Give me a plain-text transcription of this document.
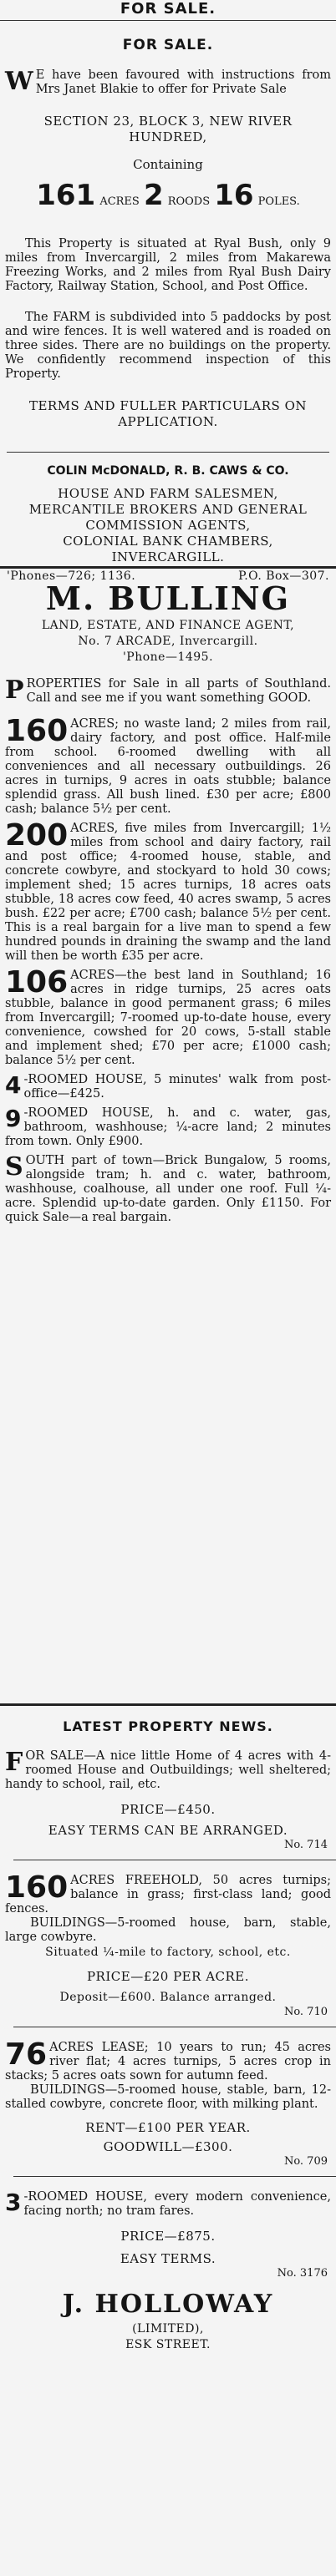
FOR SALE.
FOR SALE.
W E have been favoured with instructions from Mrs Janet Blakie to offer for Private Sale
SECTION 23, BLOCK 3, NEW RIVER HUNDRED,
Containing
161 ACRES 2 ROODS 16 POLES.
This Property is situated at Ryal Bush, only 9 miles from Invercargill, 2 miles from Makarewa Freezing Works, and 2 miles from Ryal Bush Dairy Factory, Railway Station, School, and Post Office.
The FARM is subdivided into 5 paddocks by post and wire fences. It is well watered and is roaded on three sides. There are no buildings on the property. We confidently recommend inspection of this Property.
TERMS AND FULLER PARTICULARS ON APPLICATION.
COLIN McDONALD, R. B. CAWS & CO.
HOUSE AND FARM SALESMEN,
MERCANTILE BROKERS AND GENERAL COMMISSION AGENTS,
COLONIAL BANK CHAMBERS,
INVERCARGILL.
'Phones—726; 1136.	P.O. Box—307.
M. BULLING
LAND, ESTATE, AND FINANCE AGENT,
No. 7 ARCADE, Invercargill.
'Phone—1495.
PROPERTIES for Sale in all parts of Southland. Call and see me if you want something GOOD.
160 ACRES; no waste land; 2 miles from rail, dairy factory, and post office. Half-mile from school. 6-roomed dwelling with all conveniences and all necessary outbuildings. 26 acres in turnips, 9 acres in oats stubble; balance splendid grass. All bush lined. £30 per acre; £800 cash; balance 5½ per cent.
200 ACRES, five miles from Invercargill; 1½ miles from school and dairy factory, rail and post office; 4-roomed house, stable, and concrete cowbyre, and stockyard to hold 30 cows; implement shed; 15 acres turnips, 18 acres oats stubble, 18 acres cow feed, 40 acres swamp, 5 acres bush. £22 per acre; £700 cash; balance 5½ per cent. This is a real bargain for a live man to spend a few hundred pounds in draining the swamp and the land will then be worth £35 per acre.
106 ACRES—the best land in Southland; 16 acres in ridge turnips, 25 acres oats stubble, balance in good permanent grass; 6 miles from Invercargill; 7-roomed up-to-date house, every convenience, cowshed for 20 cows, 5-stall stable and implement shed; £70 per acre; £1000 cash; balance 5½ per cent.
4 -ROOMED HOUSE, 5 minutes' walk from post-office—£425.
9 -ROOMED HOUSE, h. and c. water, gas, bathroom, washhouse; ¼-acre land; 2 minutes from town. Only £900.
SOUTH part of town—Brick Bungalow, 5 rooms, alongside tram; h. and c. water, bathroom, washhouse, coalhouse, all under one roof. Full ¼-acre. Splendid up-to-date garden. Only £1150. For quick Sale—a real bargain.
LATEST PROPERTY NEWS.
FOR SALE—A nice little Home of 4 acres with 4-roomed House and Outbuildings; well sheltered; handy to school, rail, etc.
PRICE—£450.
EASY TERMS CAN BE ARRANGED.
No. 714
160 ACRES FREEHOLD, 50 acres turnips; balance in grass; first-class land; good fences.
BUILDINGS—5-roomed house, barn, stable, large cowbyre.
Situated ¼-mile to factory, school, etc.
PRICE—£20 PER ACRE.
Deposit—£600. Balance arranged.
No. 710
76 ACRES LEASE; 10 years to run; 45 acres river flat; 4 acres turnips, 5 acres crop in stacks; 5 acres oats sown for autumn feed.
BUILDINGS—5-roomed house, stable, barn, 12-stalled cowbyre, concrete floor, with milking plant.
RENT—£100 PER YEAR.
GOODWILL—£300.
No. 709
3 -ROOMED HOUSE, every modern convenience, facing north; no tram fares.
PRICE—£875.
EASY TERMS.
No. 3176
J. HOLLOWAY
(LIMITED),
ESK STREET.
